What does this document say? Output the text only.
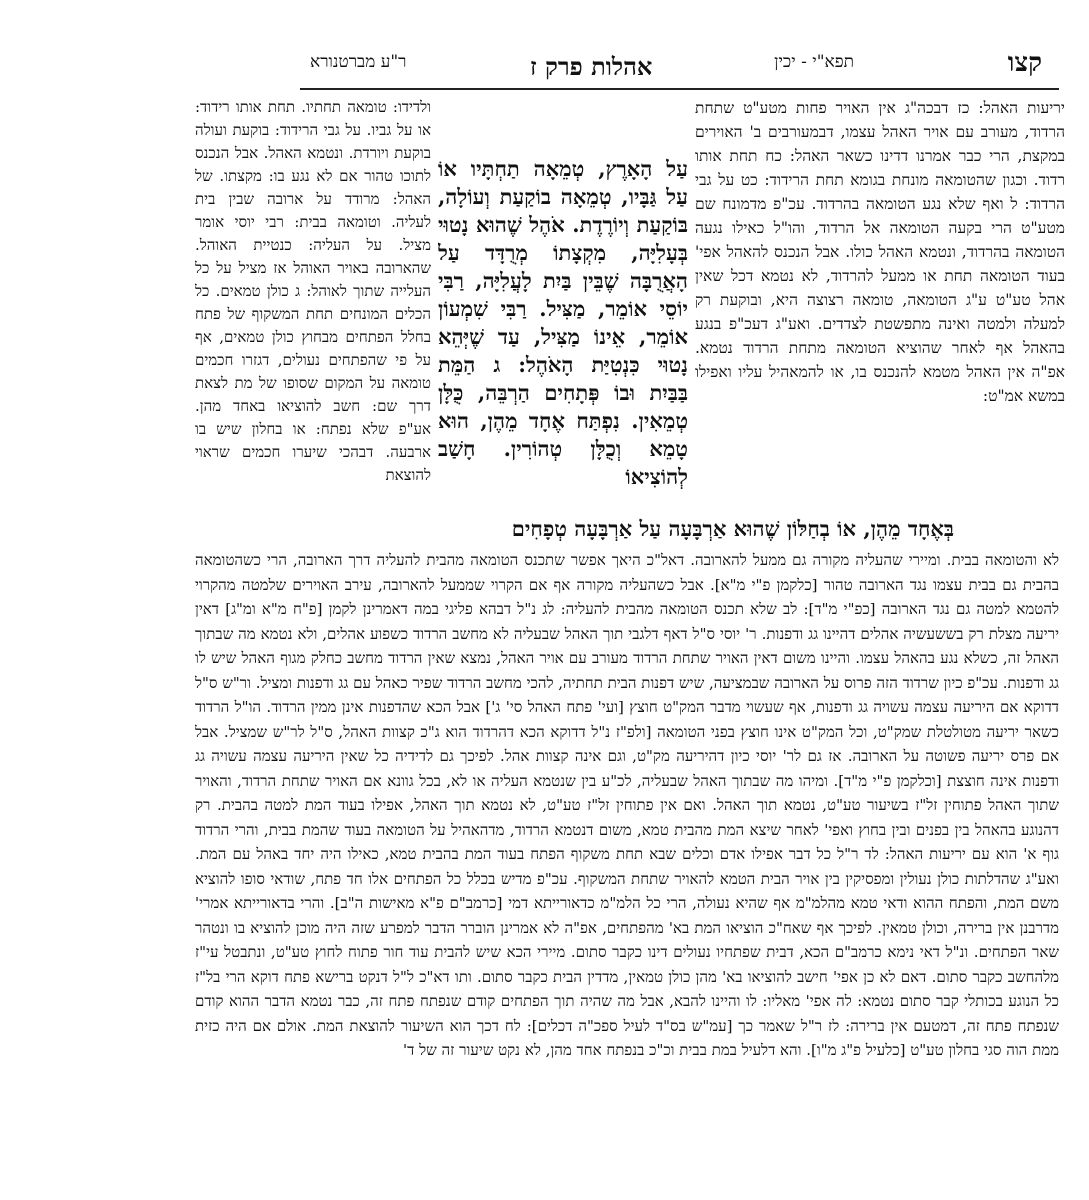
קצו
תפא"י - יכין
אהלות פרק ז
ר"ע מברטנורא
יריעות האהל: כז דבכה"ג אין האויר פחות מטע"ט שתחת הרדוד, מעורב עם אויר האהל עצמו, דבמעורבים ב' האוירים במקצת, הרי כבר אמרנו דדינו כשאר האהל: כח תחת אותו רדוד. וכגון שהטומאה מונחת בגומא תחת הרידוד: כט על גבי הרדוד: ל ואף שלא נגע הטומאה בהרדוד. עכ"פ מדמונח שם מטע"ט הרי בקעה הטומאה אל הרדוד, והו"ל כאילו נגעה הטומאה בהרדוד, ונטמא האהל כולו. אבל הנכנס להאהל אפי' בעוד הטומאה תחת או ממעל להרדוד, לא נטמא דכל שאין אהל טע"ט ע"ג הטומאה, טומאה רצוצה היא, ובוקעת רק למעלה ולמטה ואינה מתפשטת לצדדים. ואע"ג דעכ"פ בנגע בהאהל אף לאחר שהוציא הטומאה מתחת הרדוד נטמא. אפ"ה אין האהל מטמא להנכנס בו, או להמאהיל עליו ואפילו במשא אמ"ט:
עַל הָאָרֶץ, טְמֵאָה תַחְתָּיו אוֹ עַל גַּבָּיו, טְמֵאָה בוֹקַעַת וְעוֹלָה, בּוֹקַעַת וְיוֹרֶדֶת. אֹהֶל שֶׁהוּא נָטוּי בְּעָלִיָּה, מִקְצָתוֹ מְרֻדָּד עַל הָאֲרֻבָּה שֶׁבֵּין בַּיִת לָעֲלִיָּה, רַבִּי יוֹסֵי אוֹמֵר, מַצִּיל. רַבִּי שִׁמְעוֹן אוֹמֵר, אֵינוֹ מַצִּיל, עַד שֶׁיְּהֵא נָטוּי כִּנְטִיַּת הָאֹהֶל: ג הַמֵּת בַּבַּיִת וּבוֹ פְּתָחִים הַרְבֵּה, כֻּלָּן טְמֵאִין. נִפְתַּח אֶחָד מֵהֶן, הוּא טָמֵא וְכֻלָּן טְהוֹרִין. חָשַׁב לְהוֹצִיאוֹ
ולדידו: טומאה תחתיו. תחת אותו רידוד: או על גביו. על גבי הרידוד: בוקעת ועולה בוקעת ויורדת. ונטמא האהל. אבל הנכנס לתוכו טהור אם לא נגע בו: מקצתו. של האהל: מרודד על ארובה שבין בית לעליה. וטומאה בבית: רבי יוסי אומר מציל. על העליה: כנטיית האוהל. שהארובה באויר האוהל אז מציל על כל העלייה שתוך לאוהל: ג כולן טמאים. כל הכלים המונחים תחת המשקוף של פתח בחלל הפתחים מבחוץ כולן טמאים, אף על פי שהפתחים נעולים, דגזרו חכמים טומאה על המקום שסופו של מת לצאת דרך שם: חשב להוציאו באחד מהן. אע"פ שלא נפתח: או בחלון שיש בו ארבעה. דבהכי שיערו חכמים שראוי להוצאת
בְּאֶחָד מֵהֶן, אוֹ בְחַלּוֹן שֶׁהוּא אַרְבָּעָה עַל אַרְבָּעָה טְפָחִים
לא והטומאה בבית. ומיירי שהעליה מקורה גם ממעל להארובה. דאל"כ היאך אפשר שתכנס הטומאה מהבית להעליה דרך הארובה, הרי כשהטומאה בהבית גם בבית עצמו נגד הארובה טהור [כלקמן פ"י מ"א]. אבל כשהעליה מקורה אף אם הקרוי שממעל להארובה, עירב האוירים שלמטה מהקרוי להטמא למטה גם נגד הארובה [כפ"י מ"ד]: לב שלא תכנס הטומאה מהבית להעליה: לג נ"ל דבהא פליגי במה דאמרינן לקמן [פ"ח מ"א ומ"ג] דאין יריעה מצלת רק בששעשיה אהלים דהיינו גג ודפנות. ר' יוסי ס"ל דאף דלגבי תוך האהל שבעליה לא מחשב הרדוד כשפוע אהלים, ולא נטמא מה שבתוך האהל זה, כשלא נגע בהאהל עצמו. והיינו משום דאין האויר שתחת הרדוד מעורב עם אויר האהל, נמצא שאין הרדוד מחשב כחלק מגוף האהל שיש לו גג ודפנות. עכ"פ כיון שרדוד הזה פרוס על הארובה שבמציעה, שיש דפנות הבית תחתיה, להכי מחשב הרדוד שפיר כאהל עם גג ודפנות ומציל. ור"ש ס"ל דדוקא אם היריעה עצמה עשויה גג ודפנות, אף שעשוי מדבר המק"ט חוצץ [ועי' פתח האהל סי' ג'] אבל הכא שהדפנות אינן ממין הרדוד. הו"ל הרדוד כשאר יריעה מטולטלת שמק"ט, וכל המק"ט אינו חוצץ בפני הטומאה [ולפ"ז נ"ל דדוקא הכא דהרדוד הוא ג"כ קצוות האהל, ס"ל לר"ש שמציל. אבל אם פרס יריעה פשוטה על הארובה. אז גם לר' יוסי כיון דהיריעה מק"ט, וגם אינה קצוות אהל. לפיכך גם לדידיה כל שאין היריעה עצמה עשויה גג ודפנות אינה חוצצת [וכלקמן פ"י מ"ד]. ומיהו מה שבתוך האהל שבעליה, לכ"ע בין שנטמא העליה או לא, בכל גוונא אם האויר שתחת הרדוד, והאויר שתוך האהל פתוחין זל"ז בשיעור טע"ט, נטמא תוך האהל. ואם אין פתוחין זל"ז טע"ט, לא נטמא תוך האהל, אפילו בעוד המת למטה בהבית. רק דהנוגע בהאהל בין בפנים ובין בחוץ ואפי' לאחר שיצא המת מהבית טמא, משום דנטמא הרדוד, מדהאהיל על הטומאה בעוד שהמת בבית, והרי הרדוד גוף א' הוא עם יריעות האהל: לד ר"ל כל דבר אפילו אדם וכלים שבא תחת משקוף הפתח בעוד המת בהבית טמא, כאילו היה יחד באהל עם המת. ואע"ג שהדלתות כולן נעולין ומפסיקין בין אויר הבית הטמא להאויר שתחת המשקוף. עכ"פ מדיש בכלל כל הפתחים אלו חד פתח, שודאי סופו להוציא משם המת, והפתח ההוא ודאי טמא מהלמ"מ אף שהיא נעולה, הרי כל הלמ"מ כדאורייתא דמי [כרמב"ם פ"א מאישות ה"ב]. והרי בדאורייתא אמרי' מדרבנן אין ברירה, וכולן טמאין. לפיכך אף שאח"כ הוציאו המת בא' מהפתחים, אפ"ה לא אמרינן הוברר הדבר למפרע שזה היה מוכן להוציא בו ונטהר שאר הפתחים. ונ"ל דאי נימא כרמב"ם הכא, דבית שפתחיו נעולים דינו כקבר סתום. מיירי הכא שיש להבית עוד חור פתוח לחוץ טע"ט, ונתבטל עי"ז מלהחשב כקבר סתום. דאם לא כן אפי' חישב להוציאו בא' מהן כולן טמאין, מדדין הבית כקבר סתום. ותו דא"כ ל"ל דנקט ברישא פתח דוקא הרי בל"ז כל הנוגע בכותלי קבר סתום נטמא: לה אפי' מאליו: לו והיינו להבא, אבל מה שהיה תוך הפתחים קודם שנפתח פתח זה, כבר נטמא הדבר ההוא קודם שנפתח פתח זה, דמטעם אין ברירה: לז ר"ל שאמר כך [עמ"ש בס"ד לעיל ספכ"ה דכלים]: לח דכך הוא השיעור להוצאת המת. אולם אם היה כזית ממת הוה סגי בחלון טע"ט [כלעיל פ"ג מ"ו]. והא דלעיל במת בבית וכ"כ בנפתח אחד מהן, לא נקט שיעור זה של ד'
